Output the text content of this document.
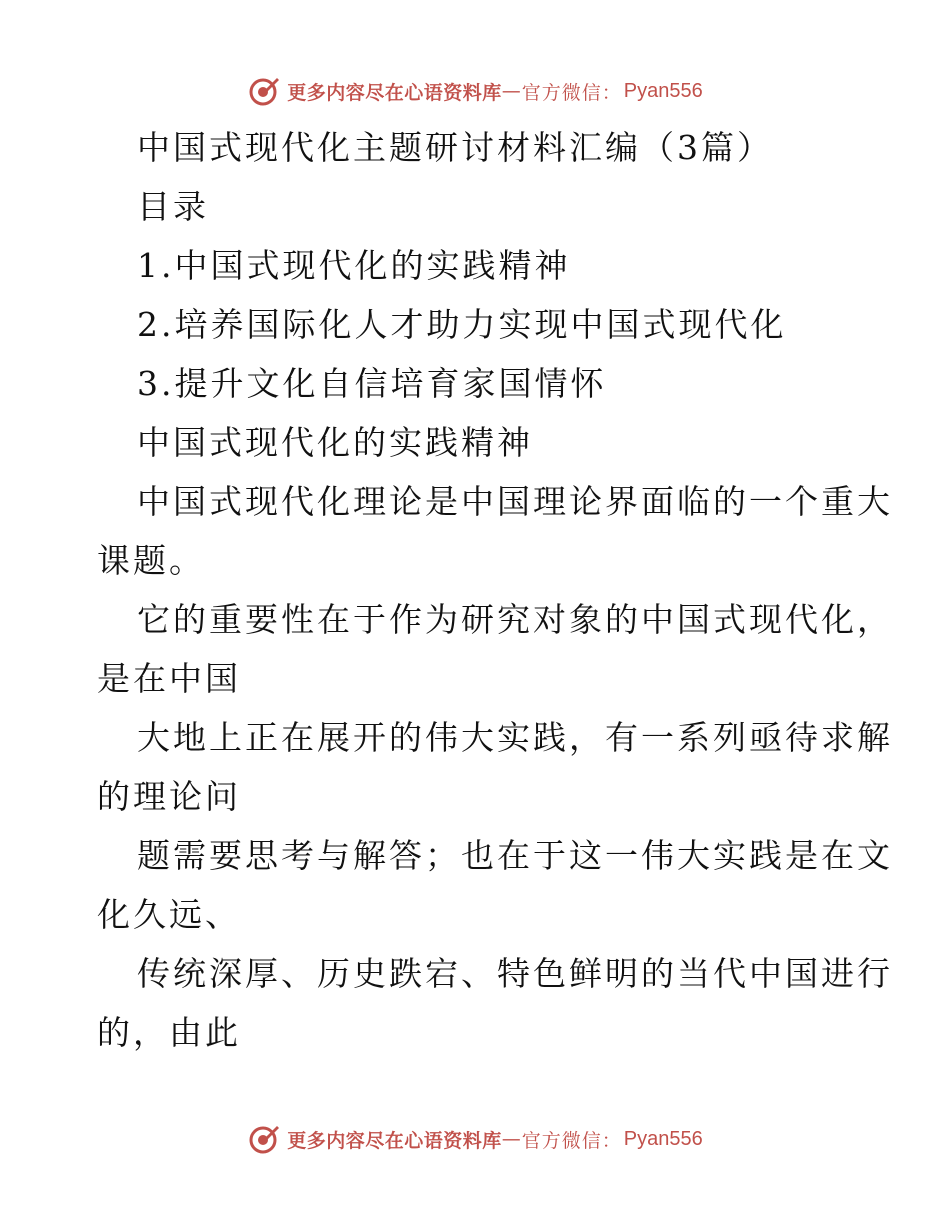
更多内容尽在心语资料库 — 官方微信： Pyan556
中国式现代化主题研讨材料汇编（3篇）
目录
1.中国式现代化的实践精神
2.培养国际化人才助力实现中国式现代化
3.提升文化自信培育家国情怀
中国式现代化的实践精神
中国式现代化理论是中国理论界面临的一个重大
课题。
它的重要性在于作为研究对象的中国式现代化，
是在中国
大地上正在展开的伟大实践，有一系列亟待求解
的理论问
题需要思考与解答；也在于这一伟大实践是在文
化久远、
传统深厚、历史跌宕、特色鲜明的当代中国进行
的，由此
更多内容尽在心语资料库 — 官方微信： Pyan556
